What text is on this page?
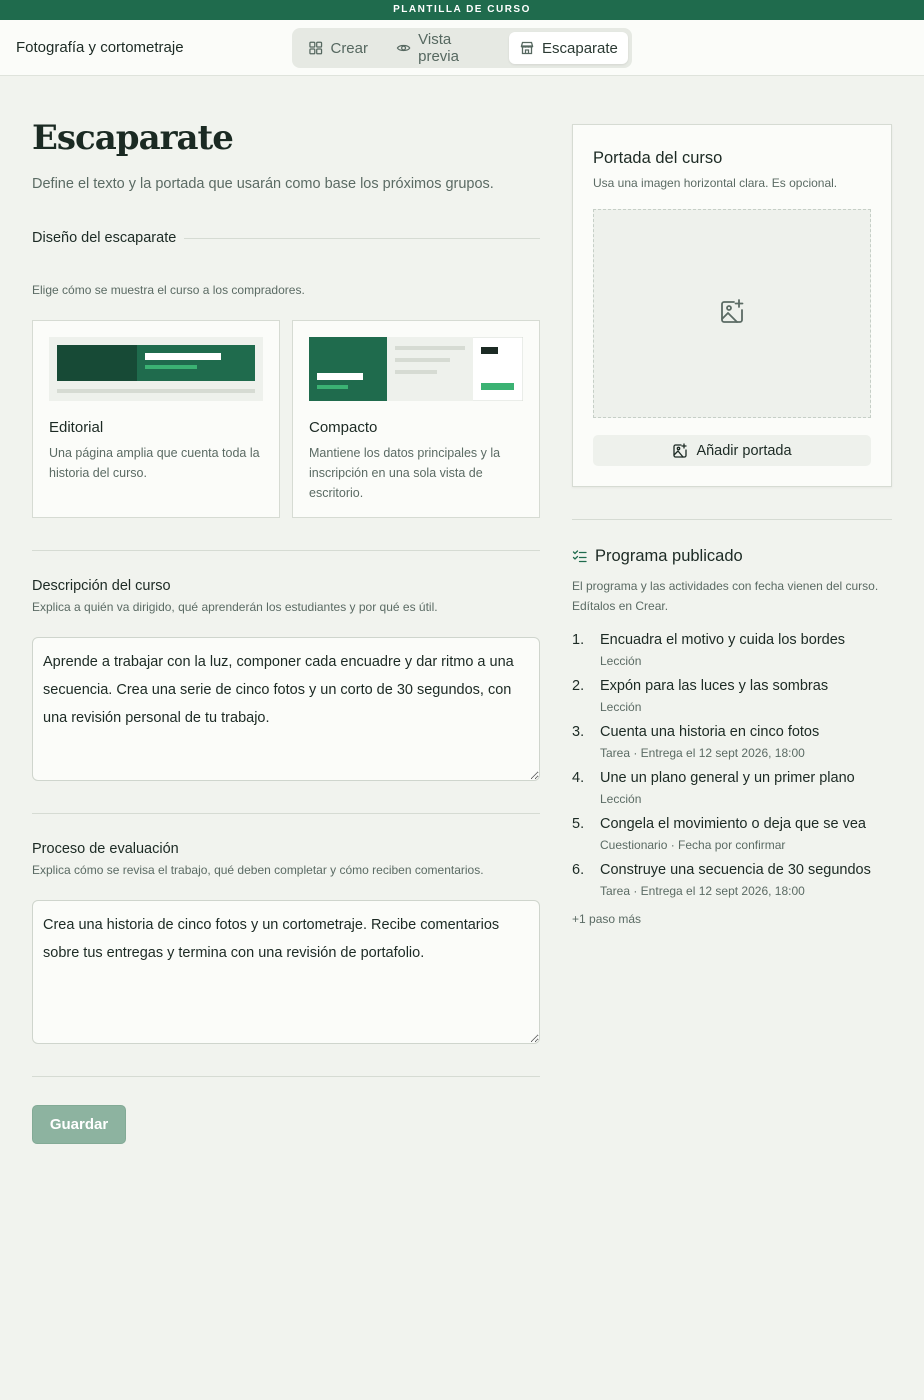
PLANTILLA DE CURSO
Fotografía y cortometraje	Crear	Vista previa	Escaparate
Escaparate

Define el texto y la portada que usarán como base los próximos grupos.

Diseño del escaparate

Elige cómo se muestra el curso a los compradores.

Editorial
Una página amplia que cuenta toda la historia del curso.
Compacto
Mantiene los datos principales y la inscripción en una sola vista de escritorio.
Descripción del curso
Explica a quién va dirigido, qué aprenderán los estudiantes y por qué es útil.
Aprende a trabajar con la luz, componer cada encuadre y dar ritmo a una secuencia. Crea una serie de cinco fotos y un corto de 30 segundos, con una revisión personal de tu trabajo.
Proceso de evaluación
Explica cómo se revisa el trabajo, qué deben completar y cómo reciben comentarios.
Crea una historia de cinco fotos y un cortometraje. Recibe comentarios sobre tus entregas y termina con una revisión de portafolio.
Guardar
Portada del curso
Usa una imagen horizontal clara. Es opcional.
Añadir portada
Programa publicado

El programa y las actividades con fecha vienen del curso. Edítalos en Crear.

1. Encuadra el motivo y cuida los bordes
Lección
2. Expón para las luces y las sombras
Lección
3. Cuenta una historia en cinco fotos
Tarea · Entrega el 12 sept 2026, 18:00
4. Une un plano general y un primer plano
Lección
5. Congela el movimiento o deja que se vea
Cuestionario · Fecha por confirmar
6. Construye una secuencia de 30 segundos
Tarea · Entrega el 12 sept 2026, 18:00
+1 paso más
